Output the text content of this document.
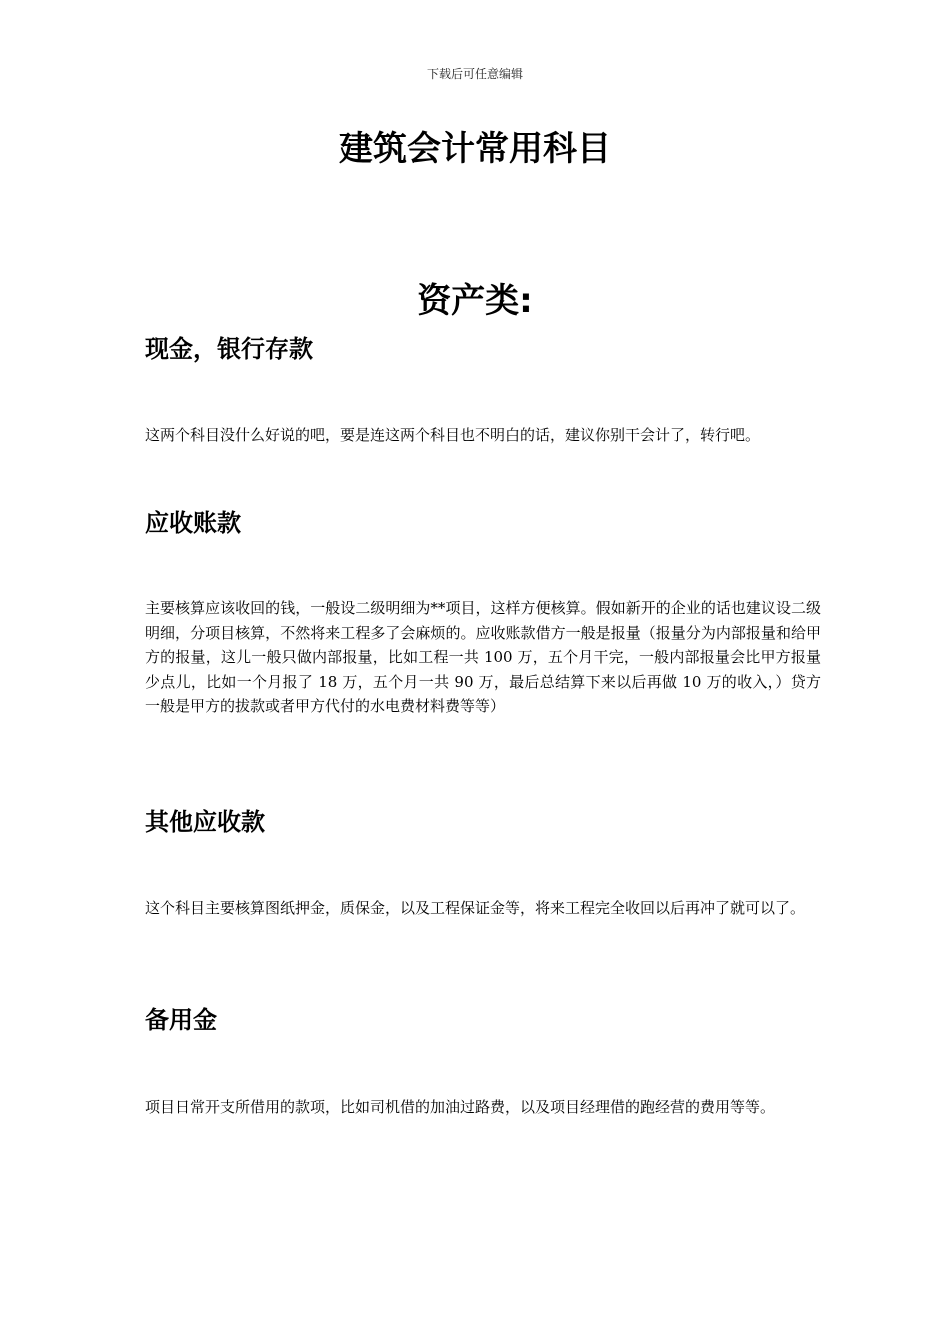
下载后可任意编辑
建筑会计常用科目
资产类:
现金，银行存款

这两个科目没什么好说的吧，要是连这两个科目也不明白的话，建议你别干会计了，转行吧。

应收账款

主要核算应该收回的钱，一般设二级明细为**项目，这样方便核算。假如新开的企业的话也建议设二级明细，分项目核算，不然将来工程多了会麻烦的。应收账款借方一般是报量（报量分为内部报量和给甲方的报量，这儿一般只做内部报量，比如工程一共 100 万，五个月干完，一般内部报量会比甲方报量少点儿，比如一个月报了 18 万，五个月一共 90 万，最后总结算下来以后再做 10 万的收入，）贷方一般是甲方的拔款或者甲方代付的水电费材料费等等）

其他应收款

这个科目主要核算图纸押金，质保金，以及工程保证金等，将来工程完全收回以后再冲了就可以了。

备用金

项目日常开支所借用的款项，比如司机借的加油过路费，以及项目经理借的跑经营的费用等等。
